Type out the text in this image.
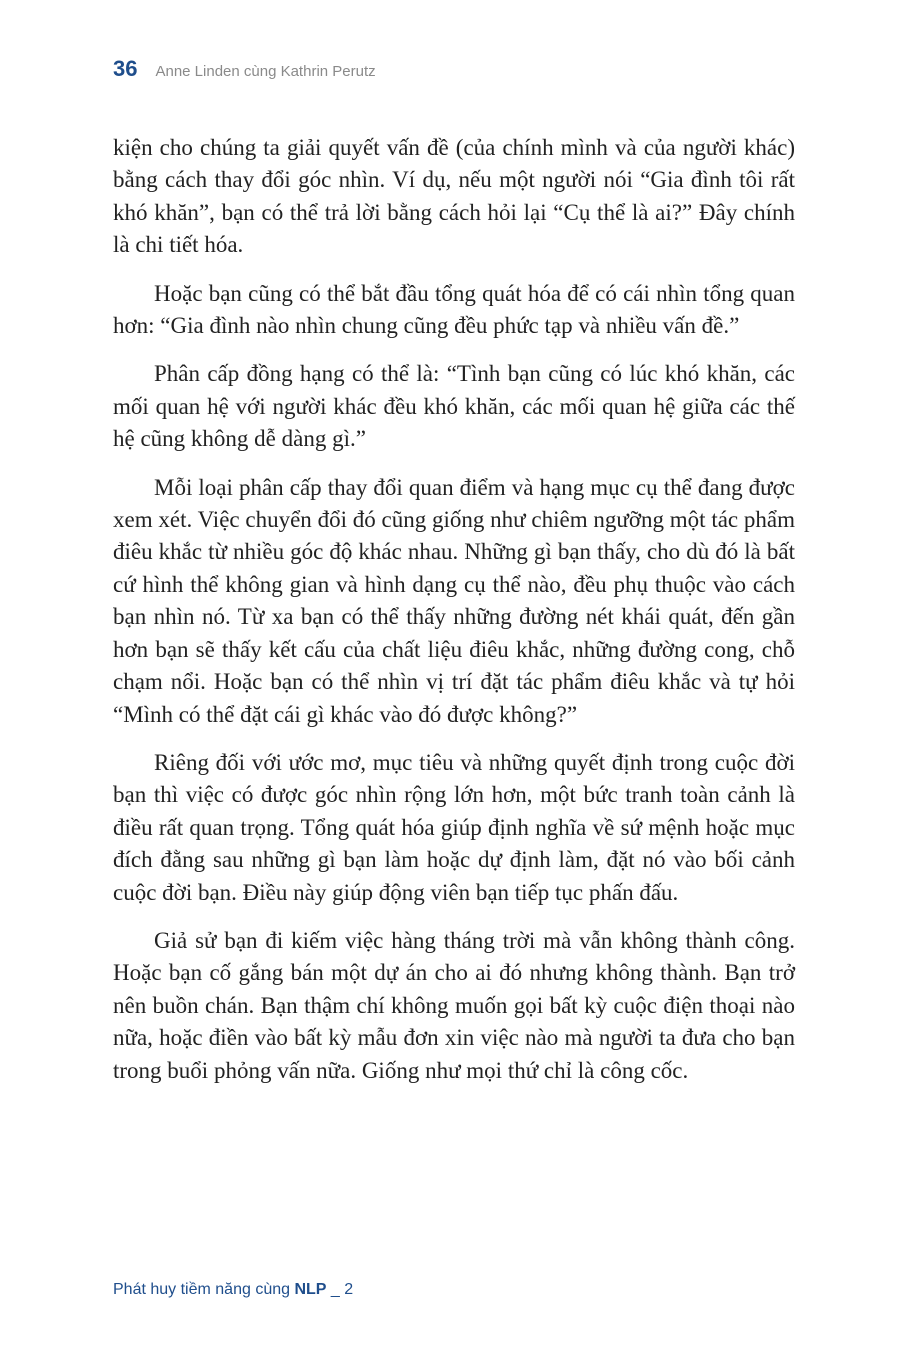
36 Anne Linden cùng Kathrin Perutz

kiện cho chúng ta giải quyết vấn đề (của chính mình và của người khác) bằng cách thay đổi góc nhìn. Ví dụ, nếu một người nói “Gia đình tôi rất khó khăn”, bạn có thể trả lời bằng cách hỏi lại “Cụ thể là ai?” Đây chính là chi tiết hóa.

Hoặc bạn cũng có thể bắt đầu tổng quát hóa để có cái nhìn tổng quan hơn: “Gia đình nào nhìn chung cũng đều phức tạp và nhiều vấn đề.”

Phân cấp đồng hạng có thể là: “Tình bạn cũng có lúc khó khăn, các mối quan hệ với người khác đều khó khăn, các mối quan hệ giữa các thế hệ cũng không dễ dàng gì.”

Mỗi loại phân cấp thay đổi quan điểm và hạng mục cụ thể đang được xem xét. Việc chuyển đổi đó cũng giống như chiêm ngưỡng một tác phẩm điêu khắc từ nhiều góc độ khác nhau. Những gì bạn thấy, cho dù đó là bất cứ hình thể không gian và hình dạng cụ thể nào, đều phụ thuộc vào cách bạn nhìn nó. Từ xa bạn có thể thấy những đường nét khái quát, đến gần hơn bạn sẽ thấy kết cấu của chất liệu điêu khắc, những đường cong, chỗ chạm nổi. Hoặc bạn có thể nhìn vị trí đặt tác phẩm điêu khắc và tự hỏi “Mình có thể đặt cái gì khác vào đó được không?”

Riêng đối với ước mơ, mục tiêu và những quyết định trong cuộc đời bạn thì việc có được góc nhìn rộng lớn hơn, một bức tranh toàn cảnh là điều rất quan trọng. Tổng quát hóa giúp định nghĩa về sứ mệnh hoặc mục đích đằng sau những gì bạn làm hoặc dự định làm, đặt nó vào bối cảnh cuộc đời bạn. Điều này giúp động viên bạn tiếp tục phấn đấu.

Giả sử bạn đi kiếm việc hàng tháng trời mà vẫn không thành công. Hoặc bạn cố gắng bán một dự án cho ai đó nhưng không thành. Bạn trở nên buồn chán. Bạn thậm chí không muốn gọi bất kỳ cuộc điện thoại nào nữa, hoặc điền vào bất kỳ mẫu đơn xin việc nào mà người ta đưa cho bạn trong buổi phỏng vấn nữa. Giống như mọi thứ chỉ là công cốc.

Phát huy tiềm năng cùng NLP _ 2
